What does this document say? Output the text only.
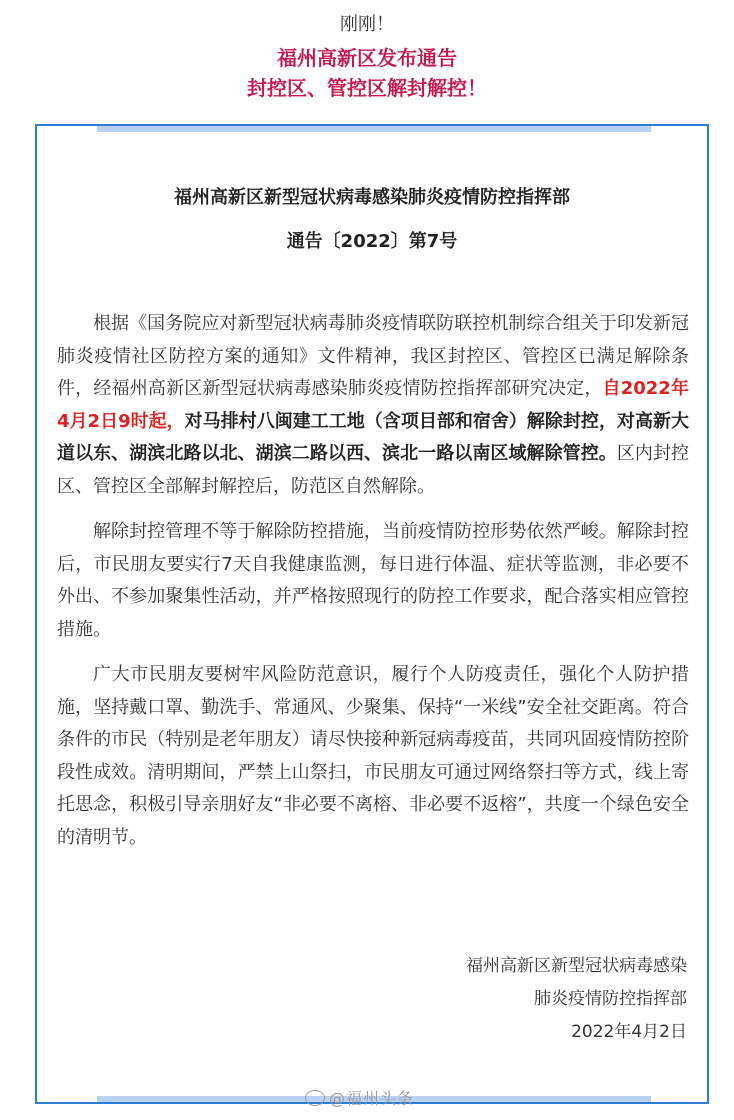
刚刚！
福州高新区发布通告
封控区、管控区解封解控！
福州高新区新型冠状病毒感染肺炎疫情防控指挥部
通告〔2022〕第7号

根据《国务院应对新型冠状病毒肺炎疫情联防联控机制综合组关于印发新冠肺炎疫情社区防控方案的通知》文件精神，我区封控区、管控区已满足解除条件，经福州高新区新型冠状病毒感染肺炎疫情防控指挥部研究决定，自2022年4月2日9时起，对马排村八闽建工工地（含项目部和宿舍）解除封控，对高新大道以东、湖滨北路以北、湖滨二路以西、滨北一路以南区域解除管控。区内封控区、管控区全部解封解控后，防范区自然解除。

解除封控管理不等于解除防控措施，当前疫情防控形势依然严峻。解除封控后，市民朋友要实行7天自我健康监测，每日进行体温、症状等监测，非必要不外出、不参加聚集性活动，并严格按照现行的防控工作要求，配合落实相应管控措施。

广大市民朋友要树牢风险防范意识，履行个人防疫责任，强化个人防护措施，坚持戴口罩、勤洗手、常通风、少聚集、保持“一米线”安全社交距离。符合条件的市民（特别是老年朋友）请尽快接种新冠病毒疫苗，共同巩固疫情防控阶段性成效。清明期间，严禁上山祭扫，市民朋友可通过网络祭扫等方式，线上寄托思念，积极引导亲朋好友“非必要不离榕、非必要不返榕”，共度一个绿色安全的清明节。

福州高新区新型冠状病毒感染
肺炎疫情防控指挥部
2022年4月2日
@福州头条
